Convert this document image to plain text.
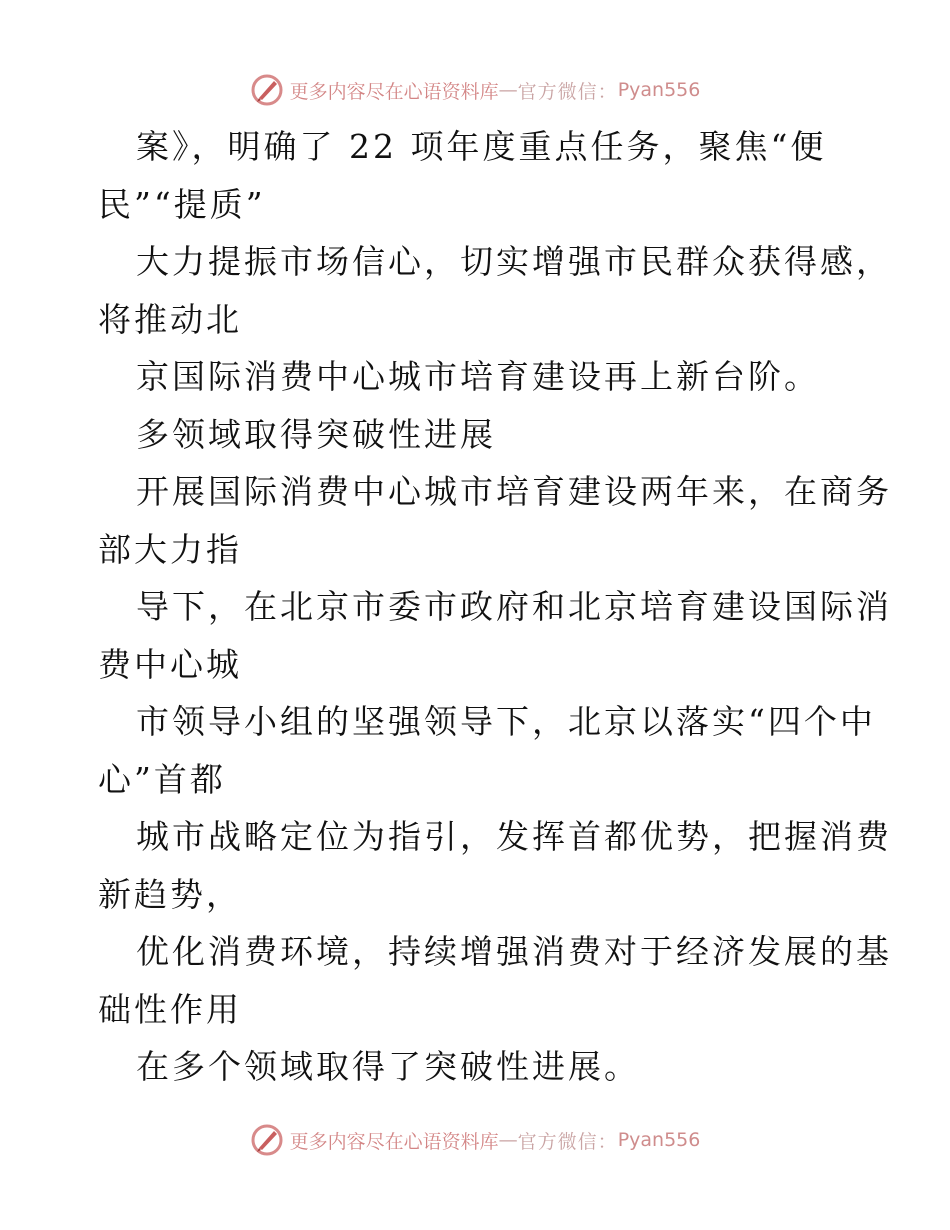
更多内容尽在心语资料库 — 官方微信： Pyan556
案》，明确了 22 项年度重点任务，聚焦“便
民”“提质”
大力提振市场信心，切实增强市民群众获得感，
将推动北
京国际消费中心城市培育建设再上新台阶。
多领域取得突破性进展
开展国际消费中心城市培育建设两年来，在商务
部大力指
导下，在北京市委市政府和北京培育建设国际消
费中心城
市领导小组的坚强领导下，北京以落实“四个中
心”首都
城市战略定位为指引，发挥首都优势，把握消费
新趋势，
优化消费环境，持续增强消费对于经济发展的基
础性作用
在多个领域取得了突破性进展。
更多内容尽在心语资料库 — 官方微信： Pyan556
